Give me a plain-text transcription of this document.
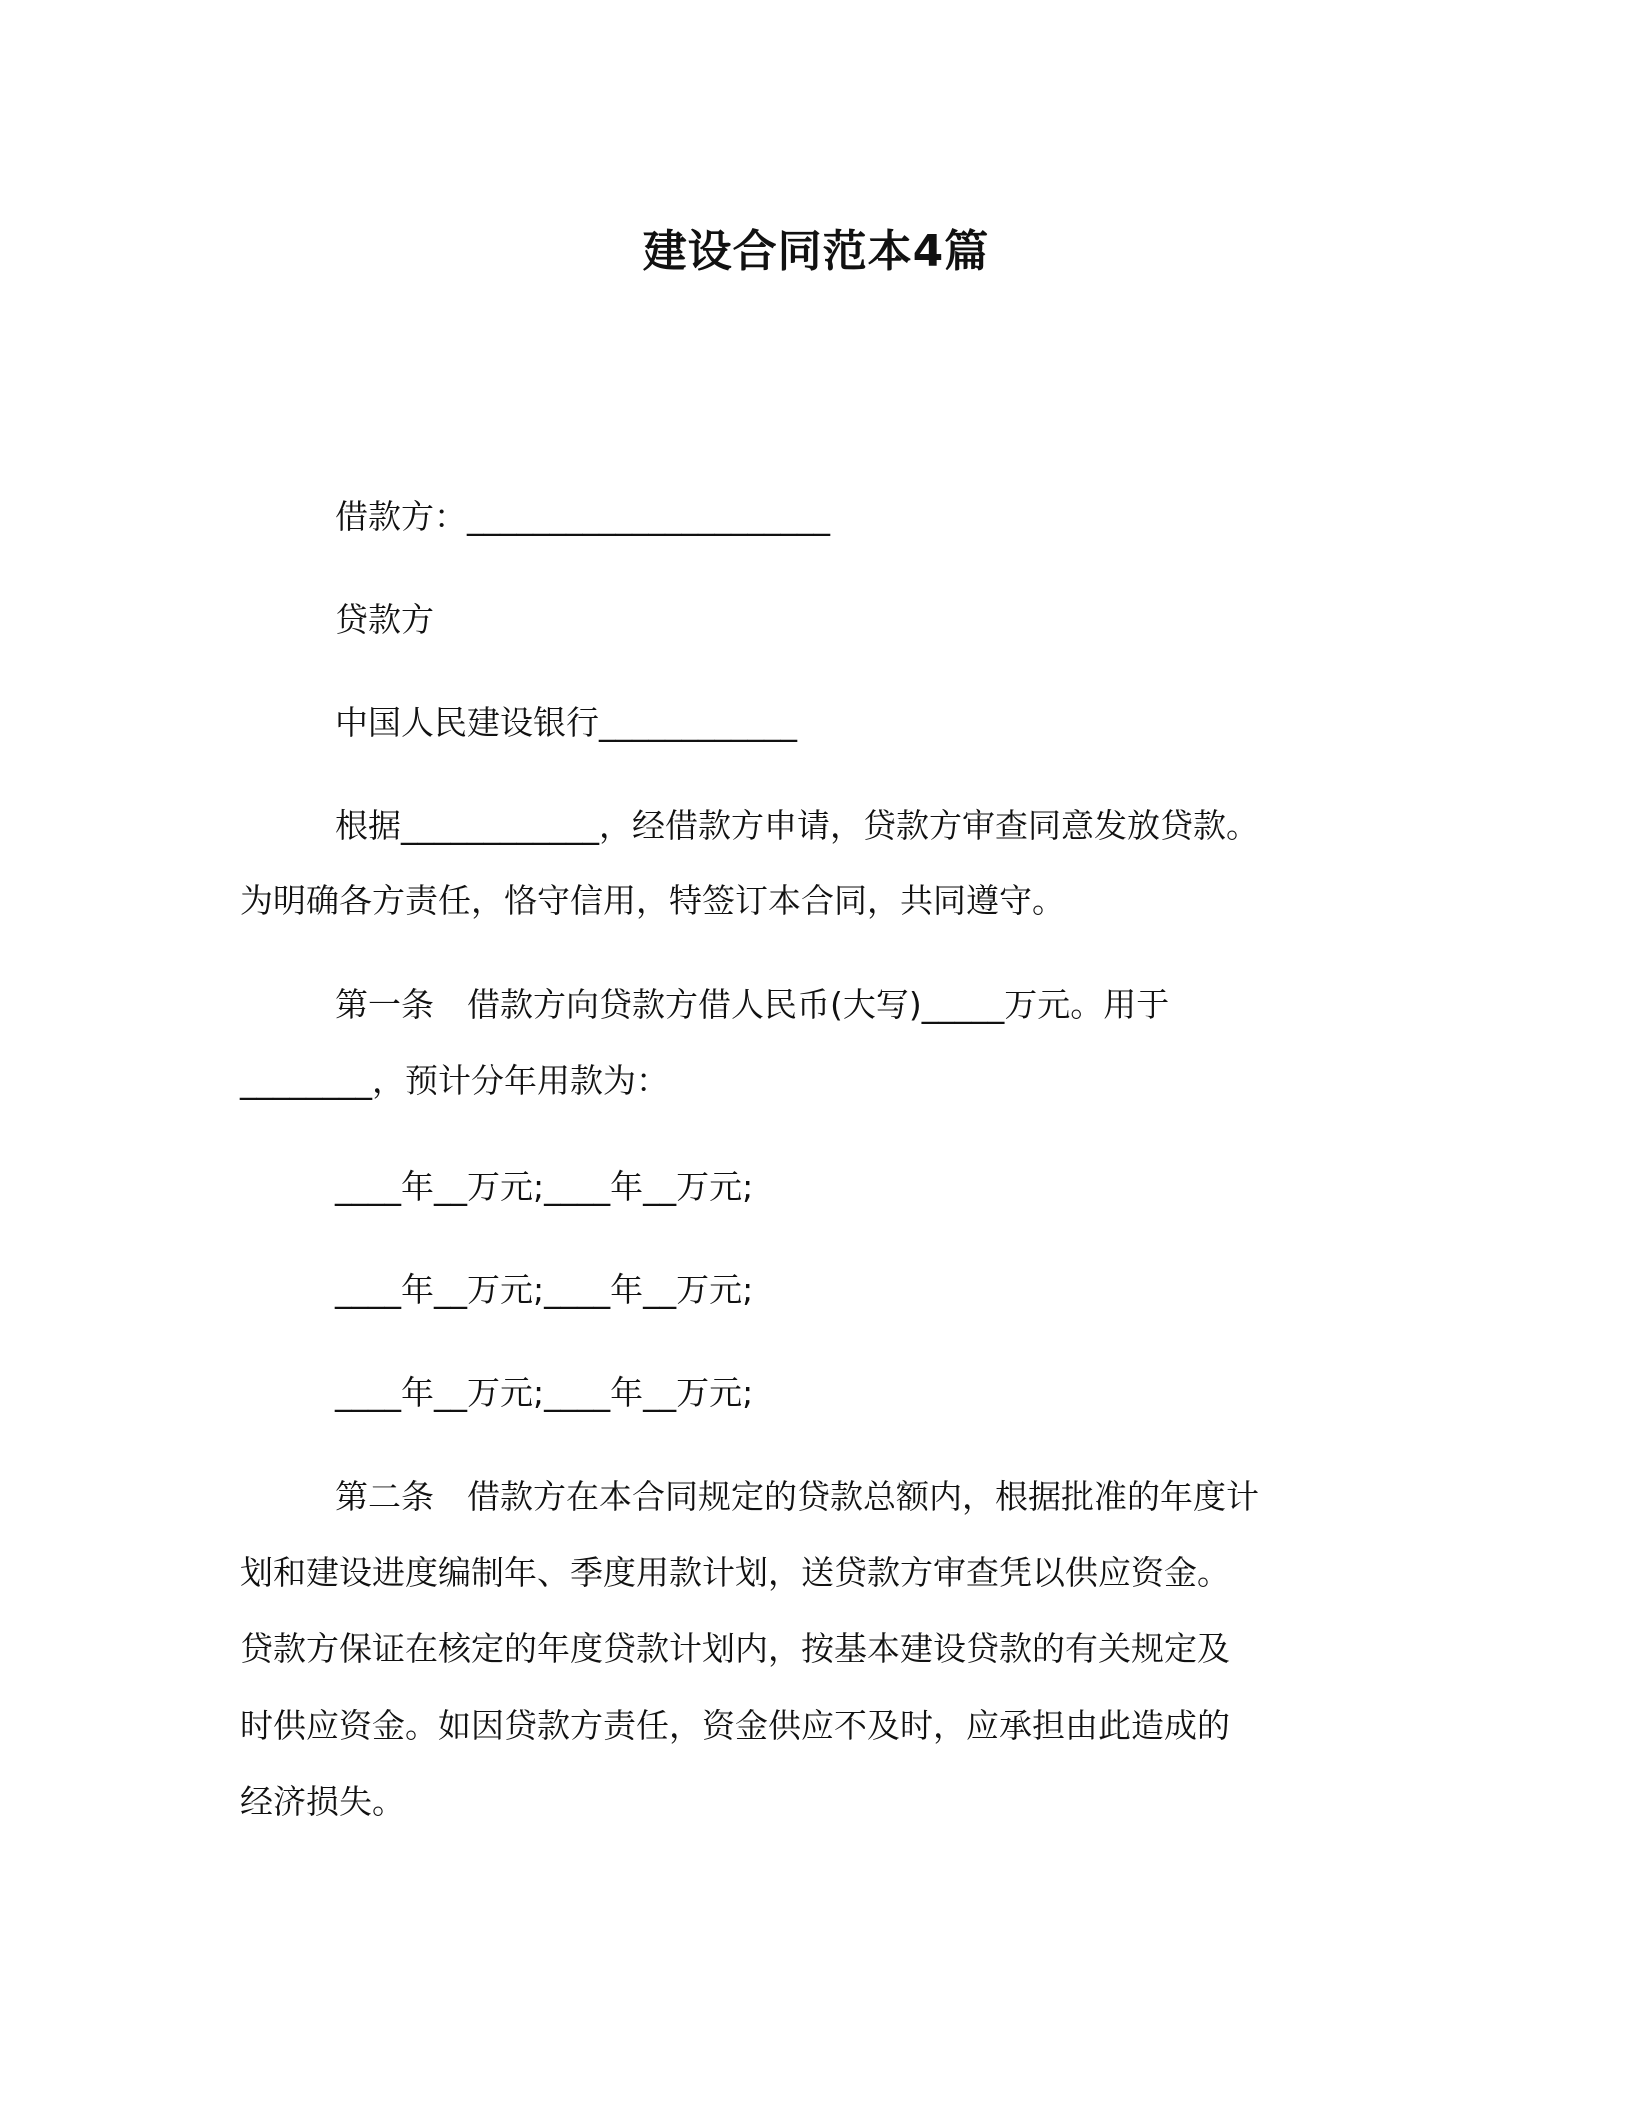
建设合同范本4篇
借款方：______________________
贷款方
中国人民建设银行____________
根据____________，经借款方申请，贷款方审查同意发放贷款。
为明确各方责任，恪守信用，特签订本合同，共同遵守。
第一条　借款方向贷款方借人民币(大写)_____万元。用于
________，预计分年用款为：
____年__万元;____年__万元;
____年__万元;____年__万元;
____年__万元;____年__万元;
第二条　借款方在本合同规定的贷款总额内，根据批准的年度计
划和建设进度编制年、季度用款计划，送贷款方审查凭以供应资金。
贷款方保证在核定的年度贷款计划内，按基本建设贷款的有关规定及
时供应资金。如因贷款方责任，资金供应不及时，应承担由此造成的
经济损失。
